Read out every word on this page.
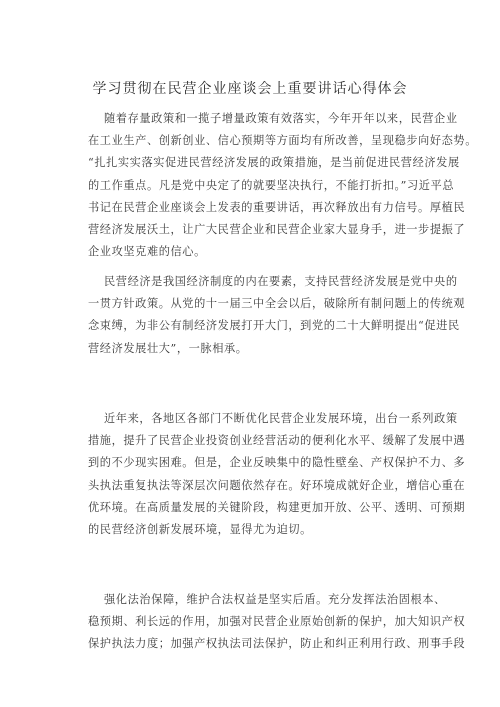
学习贯彻在民营企业座谈会上重要讲话心得体会
随着存量政策和一揽子增量政策有效落实，今年开年以来，民营企业
在工业生产、创新创业、信心预期等方面均有所改善，呈现稳步向好态势。
“扎扎实实落实促进民营经济发展的政策措施，是当前促进民营经济发展
的工作重点。凡是党中央定了的就要坚决执行，不能打折扣。”习近平总
书记在民营企业座谈会上发表的重要讲话，再次释放出有力信号。厚植民
营经济发展沃土，让广大民营企业和民营企业家大显身手，进一步提振了
企业攻坚克难的信心。
民营经济是我国经济制度的内在要素，支持民营经济发展是党中央的
一贯方针政策。从党的十一届三中全会以后，破除所有制问题上的传统观
念束缚，为非公有制经济发展打开大门，到党的二十大鲜明提出“促进民
营经济发展壮大”，一脉相承。
近年来，各地区各部门不断优化民营企业发展环境，出台一系列政策
措施，提升了民营企业投资创业经营活动的便利化水平、缓解了发展中遇
到的不少现实困难。但是，企业反映集中的隐性壁垒、产权保护不力、多
头执法重复执法等深层次问题依然存在。好环境成就好企业，增信心重在
优环境。在高质量发展的关键阶段，构建更加开放、公平、透明、可预期
的民营经济创新发展环境，显得尤为迫切。
强化法治保障，维护合法权益是坚实后盾。充分发挥法治固根本、
稳预期、利长远的作用，加强对民营企业原始创新的保护，加大知识产权
保护执法力度；加强产权执法司法保护，防止和纠正利用行政、刑事手段
